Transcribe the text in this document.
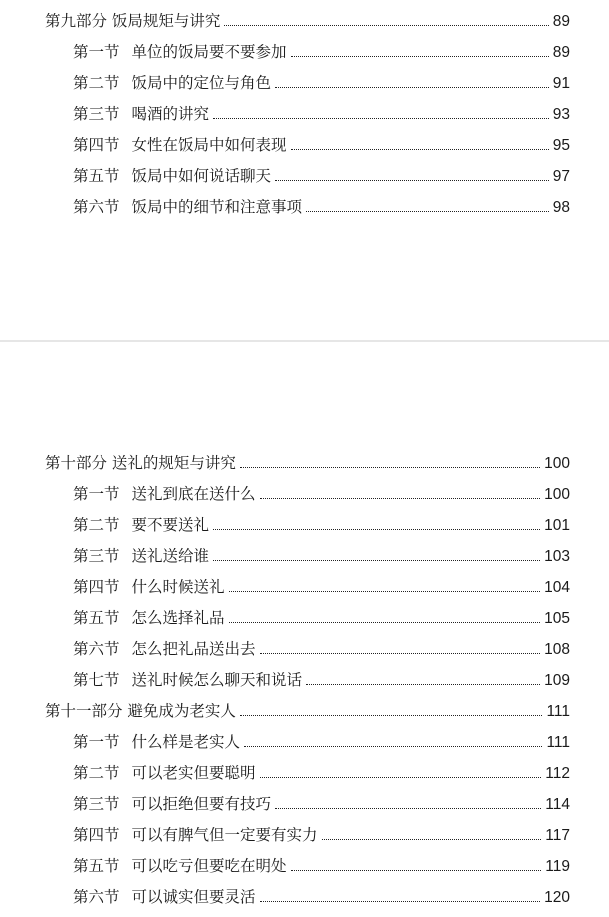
第九部分 饭局规矩与讲究	89
第一节 单位的饭局要不要参加	89
第二节 饭局中的定位与角色	91
第三节 喝酒的讲究	93
第四节 女性在饭局中如何表现	95
第五节 饭局中如何说话聊天	97
第六节 饭局中的细节和注意事项	98
第十部分 送礼的规矩与讲究	100
第一节 送礼到底在送什么	100
第二节 要不要送礼	101
第三节 送礼送给谁	103
第四节 什么时候送礼	104
第五节 怎么选择礼品	105
第六节 怎么把礼品送出去	108
第七节 送礼时候怎么聊天和说话	109
第十一部分 避免成为老实人	111
第一节 什么样是老实人	111
第二节 可以老实但要聪明	112
第三节 可以拒绝但要有技巧	114
第四节 可以有脾气但一定要有实力	117
第五节 可以吃亏但要吃在明处	119
第六节 可以诚实但要灵活	120
